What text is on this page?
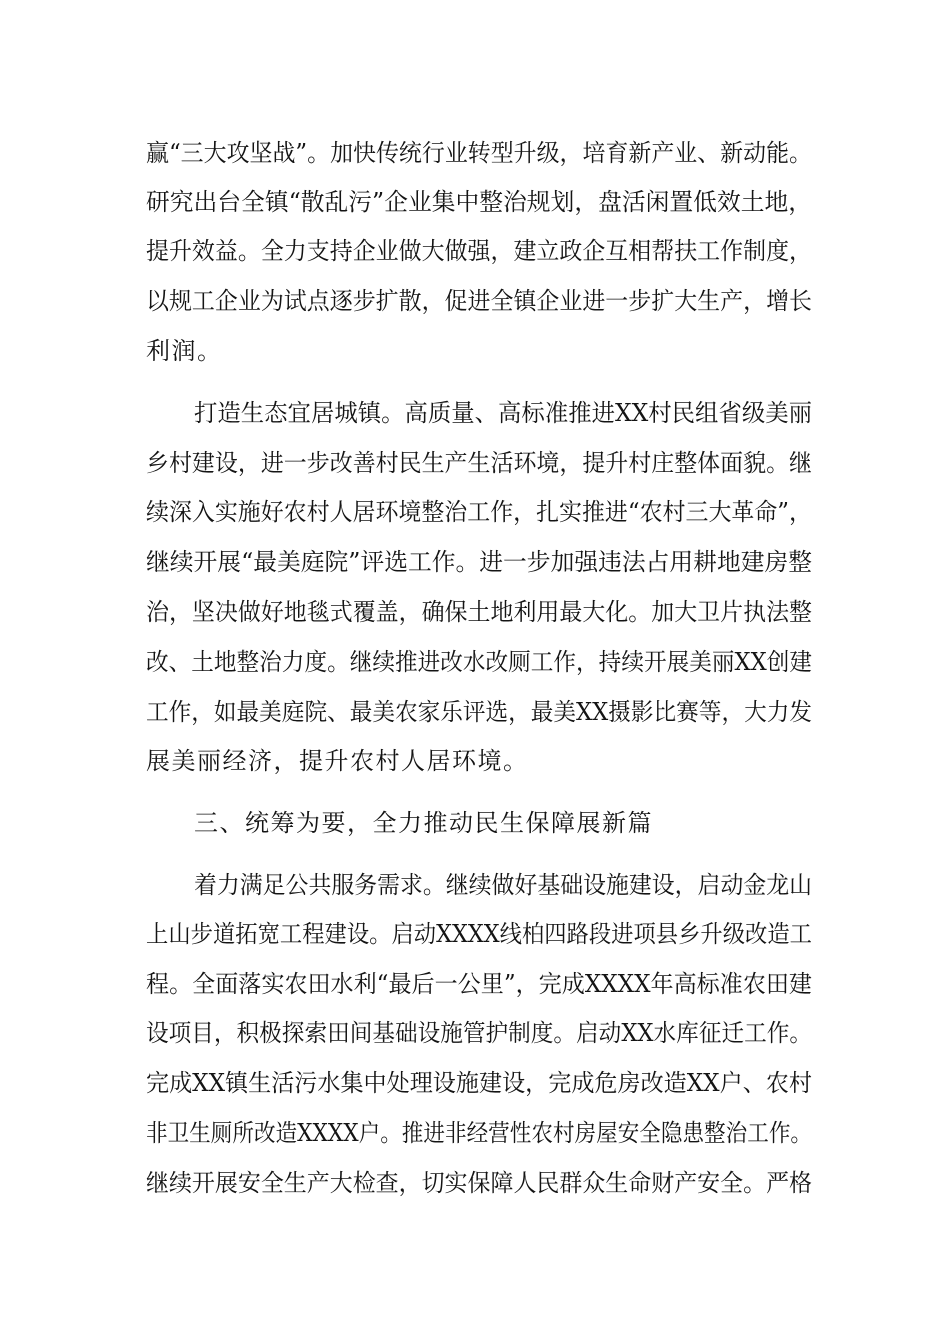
赢“三大攻坚战”。加快传统行业转型升级，培育新产业、新动能。
研究出台全镇“散乱污”企业集中整治规划，盘活闲置低效土地，
提升效益。全力支持企业做大做强，建立政企互相帮扶工作制度，
以规工企业为试点逐步扩散，促进全镇企业进一步扩大生产，增长
利润。
打造生态宜居城镇。高质量、高标准推进XX村民组省级美丽
乡村建设，进一步改善村民生产生活环境，提升村庄整体面貌。继
续深入实施好农村人居环境整治工作，扎实推进“农村三大革命”，
继续开展“最美庭院”评选工作。进一步加强违法占用耕地建房整
治，坚决做好地毯式覆盖，确保土地利用最大化。加大卫片执法整
改、土地整治力度。继续推进改水改厕工作，持续开展美丽XX创建
工作，如最美庭院、最美农家乐评选，最美XX摄影比赛等，大力发
展美丽经济，提升农村人居环境。
三、统筹为要，全力推动民生保障展新篇
着力满足公共服务需求。继续做好基础设施建设，启动金龙山
上山步道拓宽工程建设。启动XXXX线柏四路段进项县乡升级改造工
程。全面落实农田水利“最后一公里”，完成XXXX年高标准农田建
设项目，积极探索田间基础设施管护制度。启动XX水库征迁工作。
完成XX镇生活污水集中处理设施建设，完成危房改造XX户、农村
非卫生厕所改造XXXX户。推进非经营性农村房屋安全隐患整治工作。
继续开展安全生产大检查，切实保障人民群众生命财产安全。严格
